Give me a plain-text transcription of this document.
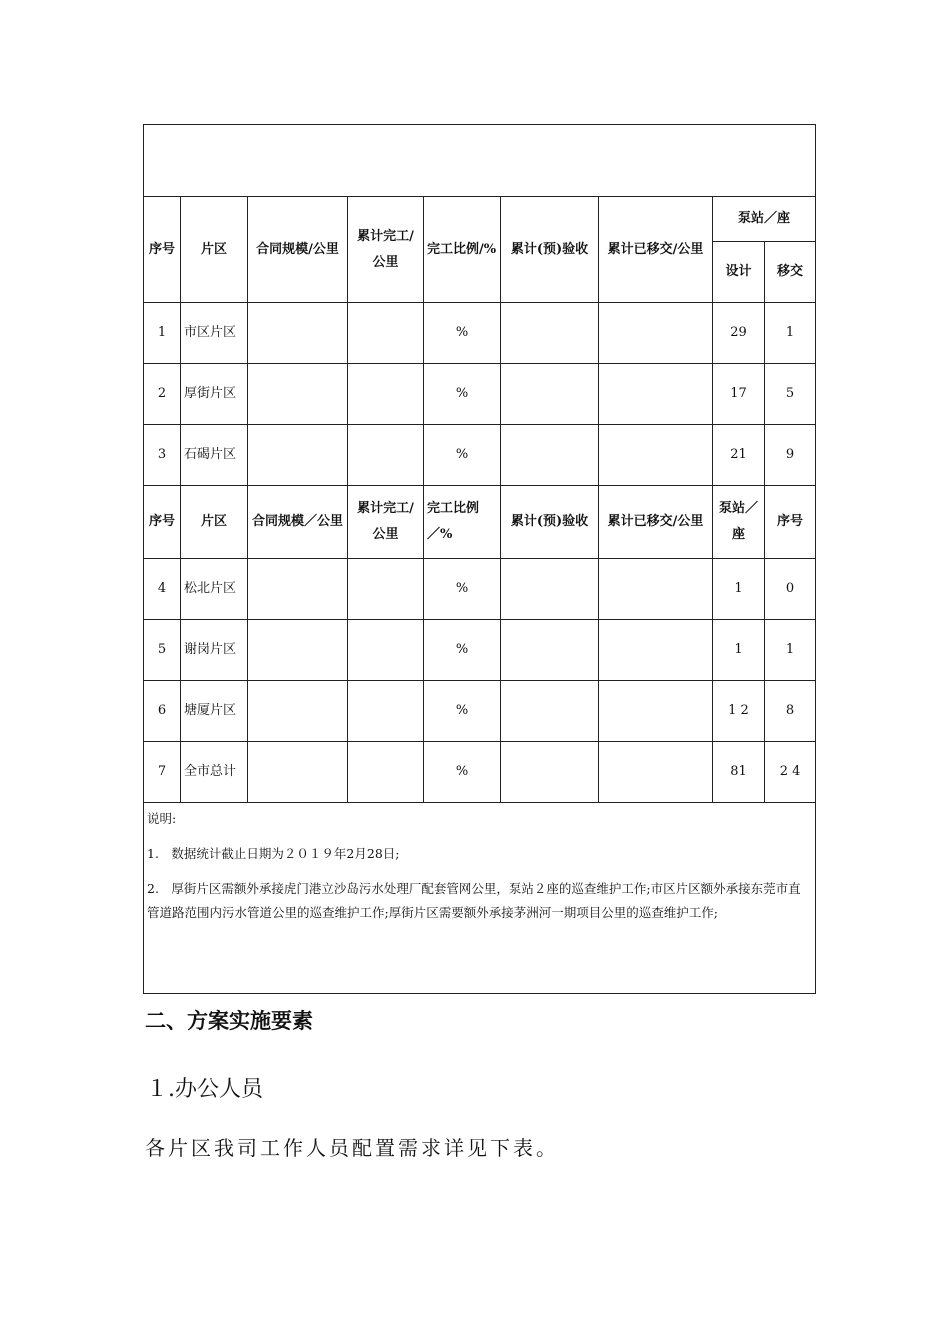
序号	片区	合同规模/公里	累计完工/公里	完工比例/%	累计(预)验收	累计已移交/公里	泵站／座	
							设计	移交
1	市区片区			%			29	1
2	厚街片区			%			17	5
3	石碣片区			%			21	9
序号	片区	合同规模／公里	累计完工/公里	完工比例／%	累计(预)验收	累计已移交/公里	泵站／座	序号
4	松北片区			%			1	0
5	谢岗片区			%			1	1
6	塘厦片区			%			1 2	8
7	全市总计			%			81	2 4

说明:

1.　数据统计截止日期为２０１９年2月28日;

2.　厚街片区需额外承接虎门港立沙岛污水处理厂配套管网公里，泵站２座的巡查维护工作;市区片区额外承接东莞市直管道路范围内污水管道公里的巡查维护工作;厚街片区需要额外承接茅洲河一期项目公里的巡查维护工作;								

二、方案实施要素
１.办公人员
各片区我司工作人员配置需求详见下表。
